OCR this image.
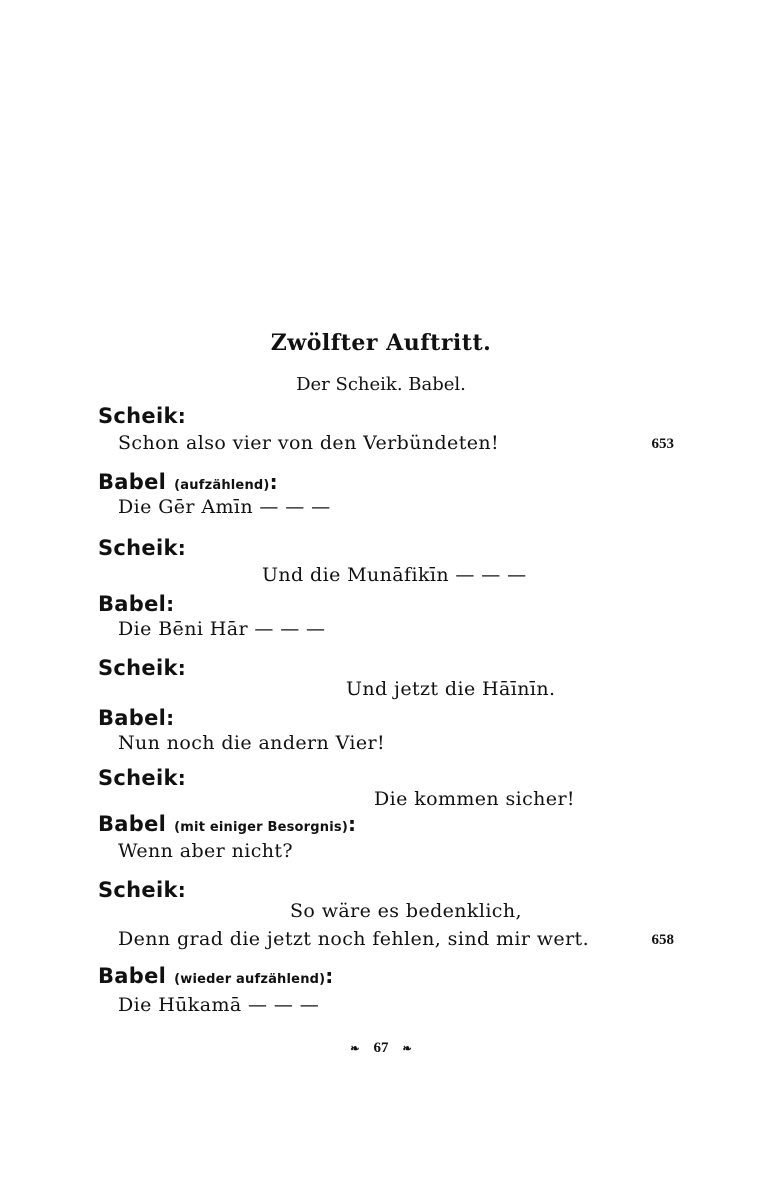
Zwölfter Auftritt.
Der Scheik. Babel.
Scheik:
Schon also vier von den Verbündeten!	653
Babel (aufzählend):
Die Gēr Amīn — — —
Scheik:
Und die Munāfikīn — — —
Babel:
Die Bēni Hār — — —
Scheik:
Und jetzt die Hāīnīn.
Babel:
Nun noch die andern Vier!
Scheik:
Die kommen sicher!
Babel (mit einiger Besorgnis):
Wenn aber nicht?
Scheik:
So wäre es bedenklich,
Denn grad die jetzt noch fehlen, sind mir wert.	658
Babel (wieder aufzählend):
Die Hūkamā — — —
❧ 67 ❧
